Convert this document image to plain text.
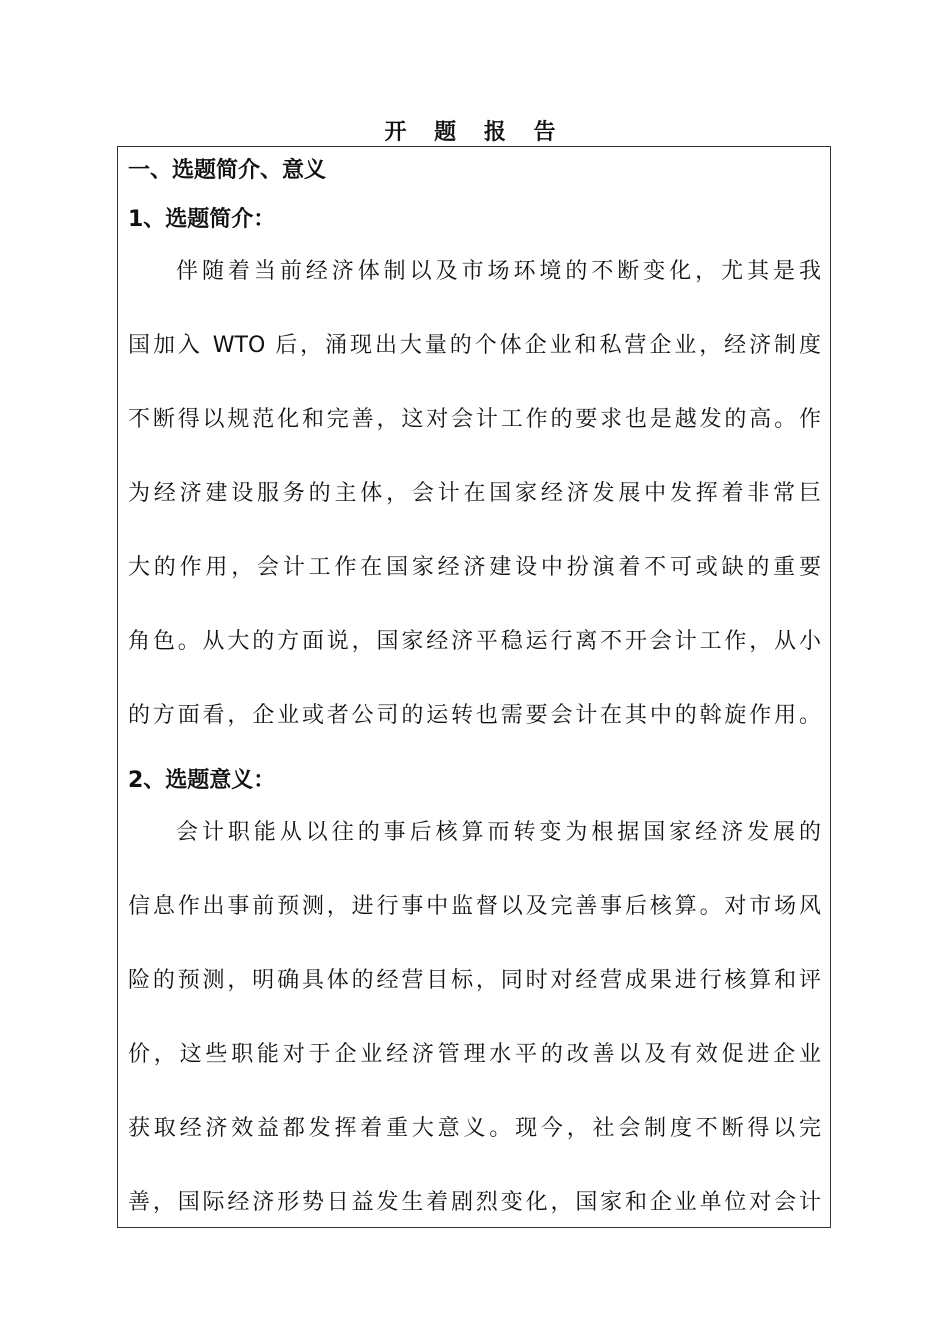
开 题 报 告
一、选题简介、意义
1、选题简介：
伴随着当前经济体制以及市场环境的不断变化，尤其是我
国加入 WTO 后，涌现出大量的个体企业和私营企业，经济制度
不断得以规范化和完善，这对会计工作的要求也是越发的高。作
为经济建设服务的主体，会计在国家经济发展中发挥着非常巨
大的作用，会计工作在国家经济建设中扮演着不可或缺的重要
角色。从大的方面说，国家经济平稳运行离不开会计工作，从小
的方面看，企业或者公司的运转也需要会计在其中的斡旋作用。
2、选题意义：
会计职能从以往的事后核算而转变为根据国家经济发展的
信息作出事前预测，进行事中监督以及完善事后核算。对市场风
险的预测，明确具体的经营目标，同时对经营成果进行核算和评
价，这些职能对于企业经济管理水平的改善以及有效促进企业
获取经济效益都发挥着重大意义。现今，社会制度不断得以完
善，国际经济形势日益发生着剧烈变化，国家和企业单位对会计
